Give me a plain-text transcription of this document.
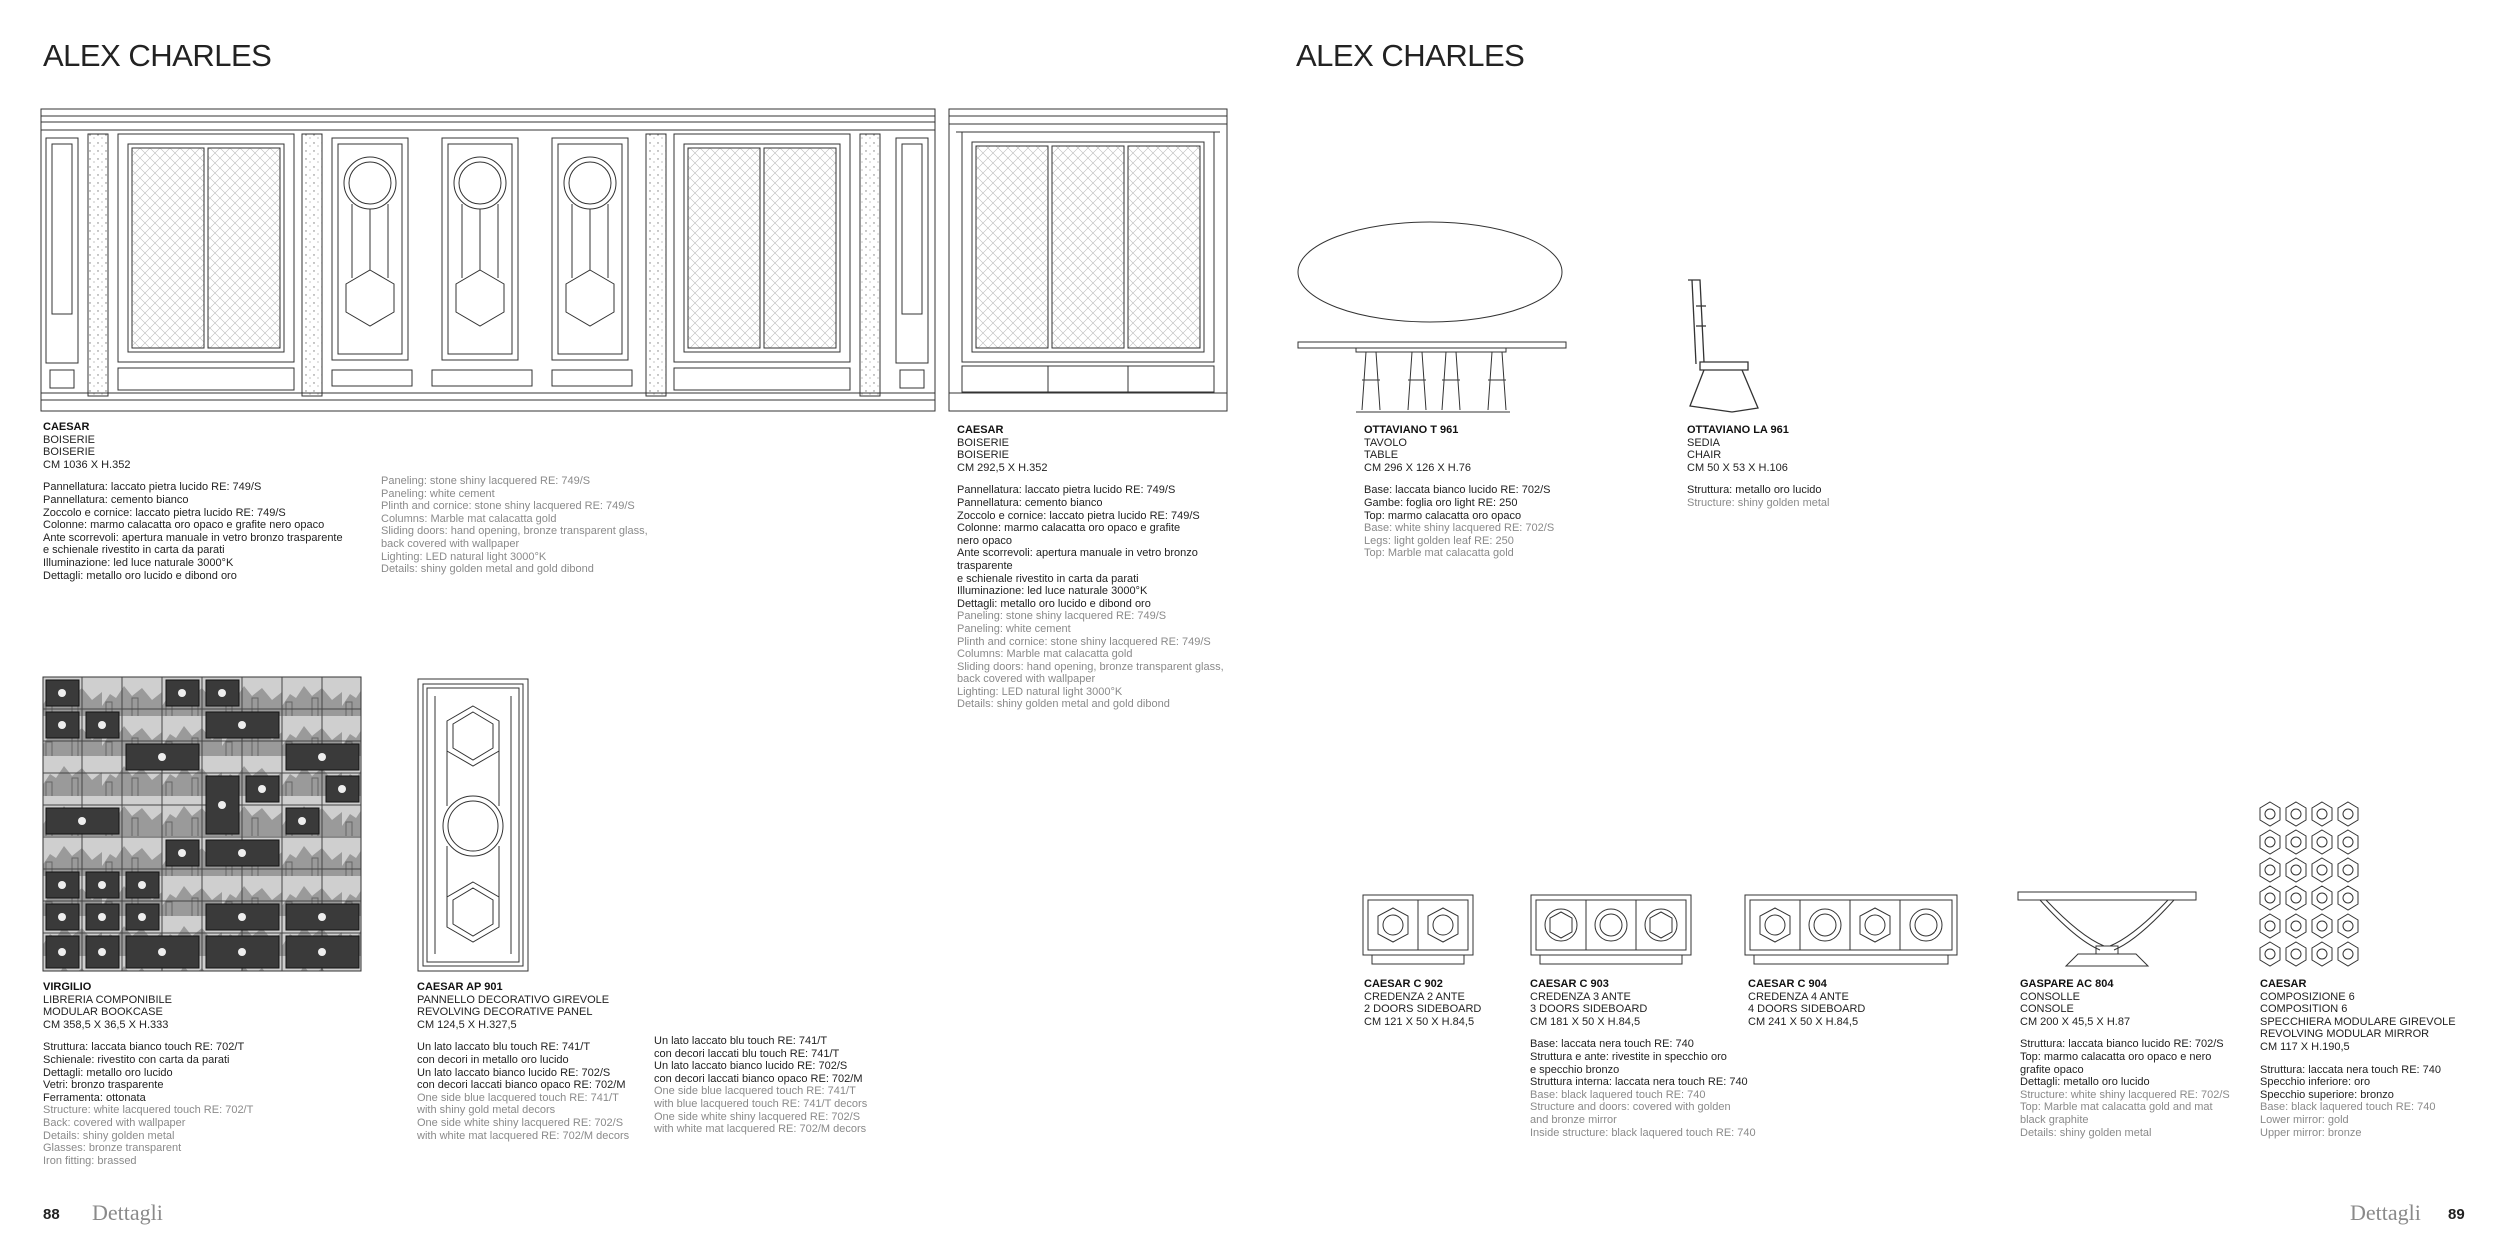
ALEX CHARLES	ALEX CHARLES
CAESAR
BOISERIE
BOISERIE
CM 1036 X H.352
Pannellatura: laccato pietra lucido RE: 749/S
Pannellatura: cemento bianco
Zoccolo e cornice: laccato pietra lucido RE: 749/S
Colonne: marmo calacatta oro opaco e grafite nero opaco
Ante scorrevoli: apertura manuale in vetro bronzo trasparente
e schienale rivestito in carta da parati
Illuminazione: led luce naturale 3000°K
Dettagli: metallo oro lucido e dibond oro
Paneling: stone shiny lacquered RE: 749/S
Paneling: white cement
Plinth and cornice: stone shiny lacquered RE: 749/S
Columns: Marble mat calacatta gold
Sliding doors: hand opening, bronze transparent glass,
back covered with wallpaper
Lighting: LED natural light 3000°K
Details: shiny golden metal and gold dibond
CAESAR
BOISERIE
BOISERIE
CM 292,5 X H.352
Pannellatura: laccato pietra lucido RE: 749/S
Pannellatura: cemento bianco
Zoccolo e cornice: laccato pietra lucido RE: 749/S
Colonne: marmo calacatta oro opaco e grafite
nero opaco
Ante scorrevoli: apertura manuale in vetro bronzo
trasparente
e schienale rivestito in carta da parati
Illuminazione: led luce naturale 3000°K
Dettagli: metallo oro lucido e dibond oro
Paneling: stone shiny lacquered RE: 749/S
Paneling: white cement
Plinth and cornice: stone shiny lacquered RE: 749/S
Columns: Marble mat calacatta gold
Sliding doors: hand opening, bronze transparent glass,
back covered with wallpaper
Lighting: LED natural light 3000°K
Details: shiny golden metal and gold dibond
VIRGILIO
LIBRERIA COMPONIBILE
MODULAR BOOKCASE
CM 358,5 X 36,5 X H.333
Struttura: laccata bianco touch RE: 702/T
Schienale: rivestito con carta da parati
Dettagli: metallo oro lucido
Vetri: bronzo trasparente
Ferramenta: ottonata
Structure: white lacquered touch RE: 702/T
Back: covered with wallpaper
Details: shiny golden metal
Glasses: bronze transparent
Iron fitting: brassed
CAESAR AP 901
PANNELLO DECORATIVO GIREVOLE
REVOLVING DECORATIVE PANEL
CM 124,5 X H.327,5
Un lato laccato blu touch RE: 741/T
con decori in metallo oro lucido
Un lato laccato bianco lucido RE: 702/S
con decori laccati bianco opaco RE: 702/M
One side blue lacquered touch RE: 741/T
with shiny gold metal decors
One side white shiny lacquered RE: 702/S
with white mat lacquered RE: 702/M decors
Un lato laccato blu touch RE: 741/T
con decori laccati blu touch RE: 741/T
Un lato laccato bianco lucido RE: 702/S
con decori laccati bianco opaco RE: 702/M
One side blue lacquered touch RE: 741/T
with blue lacquered touch RE: 741/T decors
One side white shiny lacquered RE: 702/S
with white mat lacquered RE: 702/M decors
OTTAVIANO T 961
TAVOLO
TABLE
CM 296 X 126 X H.76
Base: laccata bianco lucido RE: 702/S
Gambe: foglia oro light RE: 250
Top: marmo calacatta oro opaco
Base: white shiny lacquered RE: 702/S
Legs: light golden leaf RE: 250
Top: Marble mat calacatta gold
OTTAVIANO LA 961
SEDIA
CHAIR
CM 50 X 53 X H.106
Struttura: metallo oro lucido
Structure: shiny golden metal
CAESAR C 902
CREDENZA 2 ANTE
2 DOORS SIDEBOARD
CM 121 X 50 X H.84,5
CAESAR C 903
CREDENZA 3 ANTE
3 DOORS SIDEBOARD
CM 181 X 50 X H.84,5
Base: laccata nera touch RE: 740
Struttura e ante: rivestite in specchio oro
e specchio bronzo
Struttura interna: laccata nera touch RE: 740
Base: black laquered touch RE: 740
Structure and doors: covered with golden
and bronze mirror
Inside structure: black laquered touch RE: 740
CAESAR C 904
CREDENZA 4 ANTE
4 DOORS SIDEBOARD
CM 241 X 50 X H.84,5
GASPARE AC 804
CONSOLLE
CONSOLE
CM 200 X 45,5 X H.87
Struttura: laccata bianco lucido RE: 702/S
Top: marmo calacatta oro opaco e nero
grafite opaco
Dettagli: metallo oro lucido
Structure: white shiny lacquered RE: 702/S
Top: Marble mat calacatta gold and mat
black graphite
Details: shiny golden metal
CAESAR
COMPOSIZIONE 6
COMPOSITION 6
SPECCHIERA MODULARE GIREVOLE
REVOLVING MODULAR MIRROR
CM 117 X H.190,5
Struttura: laccata nera touch RE: 740
Specchio inferiore: oro
Specchio superiore: bronzo
Base: black laquered touch RE: 740
Lower mirror: gold
Upper mirror: bronze
88 Dettagli	Dettagli 89
